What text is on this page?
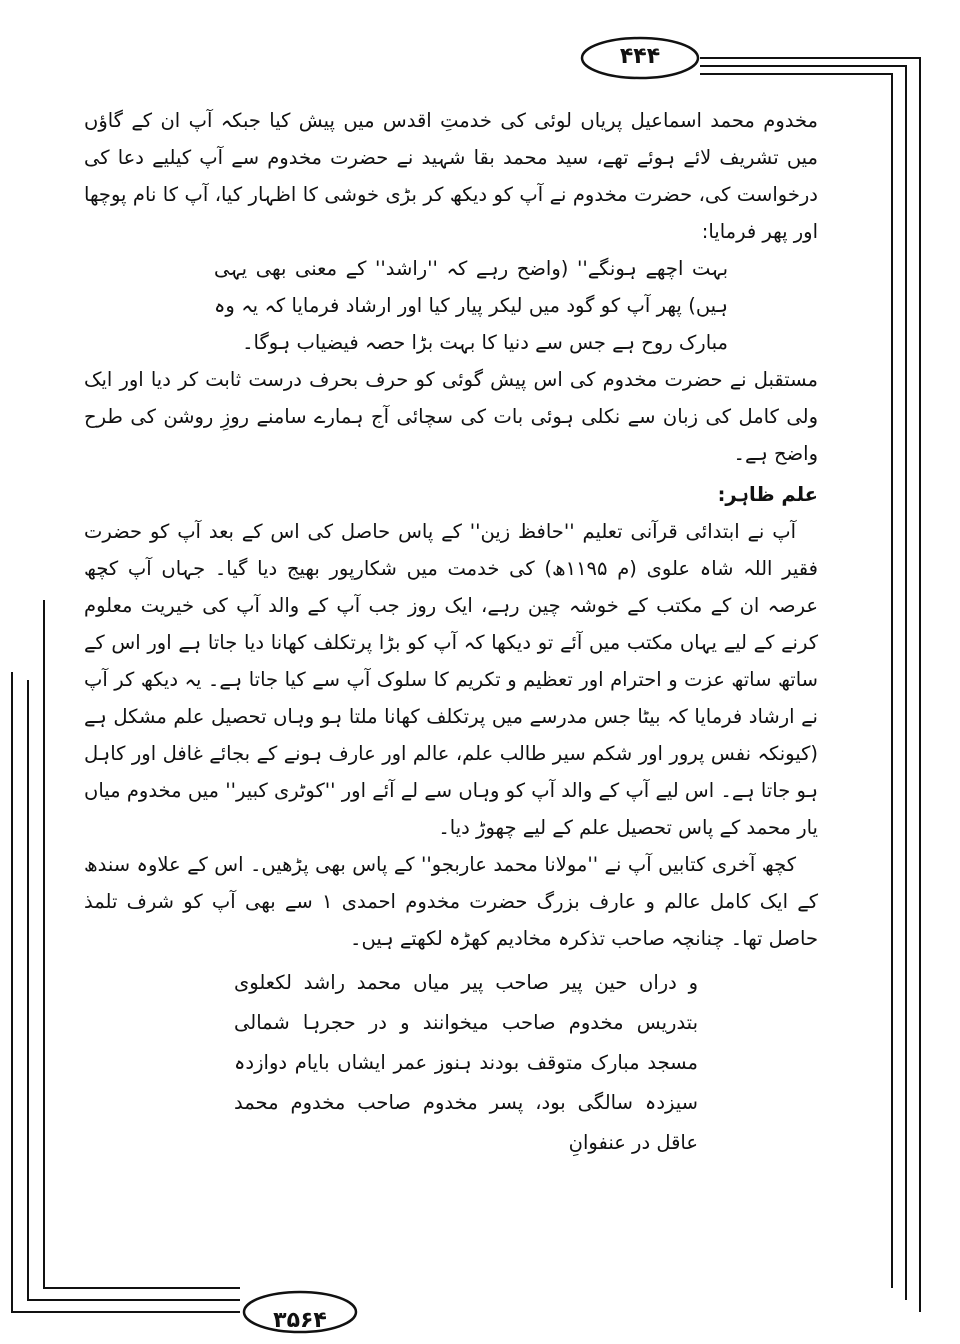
۴۴۴
۳۵۶۴

مخدوم محمد اسماعیل پریاں لوئی کی خدمتِ اقدس میں پیش کیا جبکہ آپ ان کے گاؤں میں تشریف لائے ہوئے تھے، سید محمد بقا شہید نے حضرت مخدوم سے آپ کیلیے دعا کی درخواست کی، حضرت مخدوم نے آپ کو دیکھ کر بڑی خوشی کا اظہار کیا، آپ کا نام پوچھا اور پھر فرمایا:

بہت اچھے ہونگے'' (واضح رہے کہ ''راشد'' کے معنی بھی یہی ہیں) پھر آپ کو گود میں لیکر پیار کیا اور ارشاد فرمایا کہ یہ وہ مبارک روح ہے جس سے دنیا کا بہت بڑا حصہ فیضیاب ہوگا۔

مستقبل نے حضرت مخدوم کی اس پیش گوئی کو حرف بحرف درست ثابت کر دیا اور ایک ولی کامل کی زبان سے نکلی ہوئی بات کی سچائی آج ہمارے سامنے روزِ روشن کی طرح واضح ہے۔

علم ظاہر:

آپ نے ابتدائی قرآنی تعلیم ''حافظ زین'' کے پاس حاصل کی اس کے بعد آپ کو حضرت فقیر اللہ شاہ علوی (م ۱۱۹۵ھ) کی خدمت میں شکارپور بھیج دیا گیا۔ جہاں آپ کچھ عرصہ ان کے مکتب کے خوشہ چین رہے، ایک روز جب آپ کے والد آپ کی خیریت معلوم کرنے کے لیے یہاں مکتب میں آئے تو دیکھا کہ آپ کو بڑا پرتکلف کھانا دیا جاتا ہے اور اس کے ساتھ ساتھ عزت و احترام اور تعظیم و تکریم کا سلوک آپ سے کیا جاتا ہے۔ یہ دیکھ کر آپ نے ارشاد فرمایا کہ بیٹا جس مدرسے میں پرتکلف کھانا ملتا ہو وہاں تحصیل علم مشکل ہے (کیونکہ نفس پرور اور شکم سیر طالب علم، عالم اور عارف ہونے کے بجائے غافل اور کاہل ہو جاتا ہے۔ اس لیے آپ کے والد آپ کو وہاں سے لے آئے اور ''کوٹری کبیر'' میں مخدوم میاں یار محمد کے پاس تحصیل علم کے لیے چھوڑ دیا۔

کچھ آخری کتابیں آپ نے ''مولانا محمد عاربجو'' کے پاس بھی پڑھیں۔ اس کے علاوہ سندھ کے ایک کامل عالم و عارف بزرگ حضرت مخدوم احمدی ۱ سے بھی آپ کو شرف تلمذ حاصل تھا۔ چنانچہ صاحب تذکرہ مخادیم کھڑہ لکھتے ہیں۔

و دراں حین پیر صاحب پیر میاں محمد راشد لکعلوی بتدریس مخدوم صاحب میخوانند و در حجرہا شمالی مسجد مبارک متوقف بودند ہنوز عمر ایشاں بایام دوازدہ سیزدہ سالگی بود، پسر مخدوم صاحب مخدوم محمد عاقل در عنفوانِ
